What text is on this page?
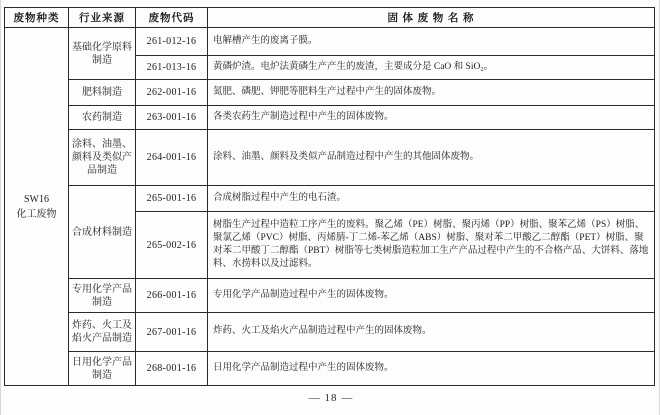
废物种类	行业来源	废物代码	固 体 废 物 名 称

SW16
化工废物	基础化学原料制造	261-012-16	电解槽产生的废离子膜。
		261-013-16	黄磷炉渣。电炉法黄磷生产产生的废渣，主要成分是 CaO 和 SiO₂。
	肥料制造	262-001-16	氮肥、磷肥、钾肥等肥料生产过程中产生的固体废物。
	农药制造	263-001-16	各类农药生产制造过程中产生的固体废物。
	涂料、油墨、颜料及类似产品制造	264-001-16	涂料、油墨、颜料及类似产品制造过程中产生的其他固体废物。
	合成材料制造	265-001-16	合成树脂过程中产生的电石渣。
		265-002-16	树脂生产过程中造粒工序产生的废料。聚乙烯（PE）树脂、聚丙烯（PP）树脂、聚苯乙烯（PS）树脂、聚氯乙烯（PVC）树脂、丙烯腈-丁二烯-苯乙烯（ABS）树脂、聚对苯二甲酸乙二醇酯（PET）树脂、聚对苯二甲酸丁二醇酯（PBT）树脂等七类树脂造粒加工生产产品过程中产生的不合格产品、大饼料、落地料、水捞料以及过滤料。
	专用化学产品制造	266-001-16	专用化学产品制造过程中产生的固体废物。
	炸药、火工及焰火产品制造	267-001-16	炸药、火工及焰火产品制造过程中产生的固体废物。
	日用化学产品制造	268-001-16	日用化学产品制造过程中产生的固体废物。
— 18 —
